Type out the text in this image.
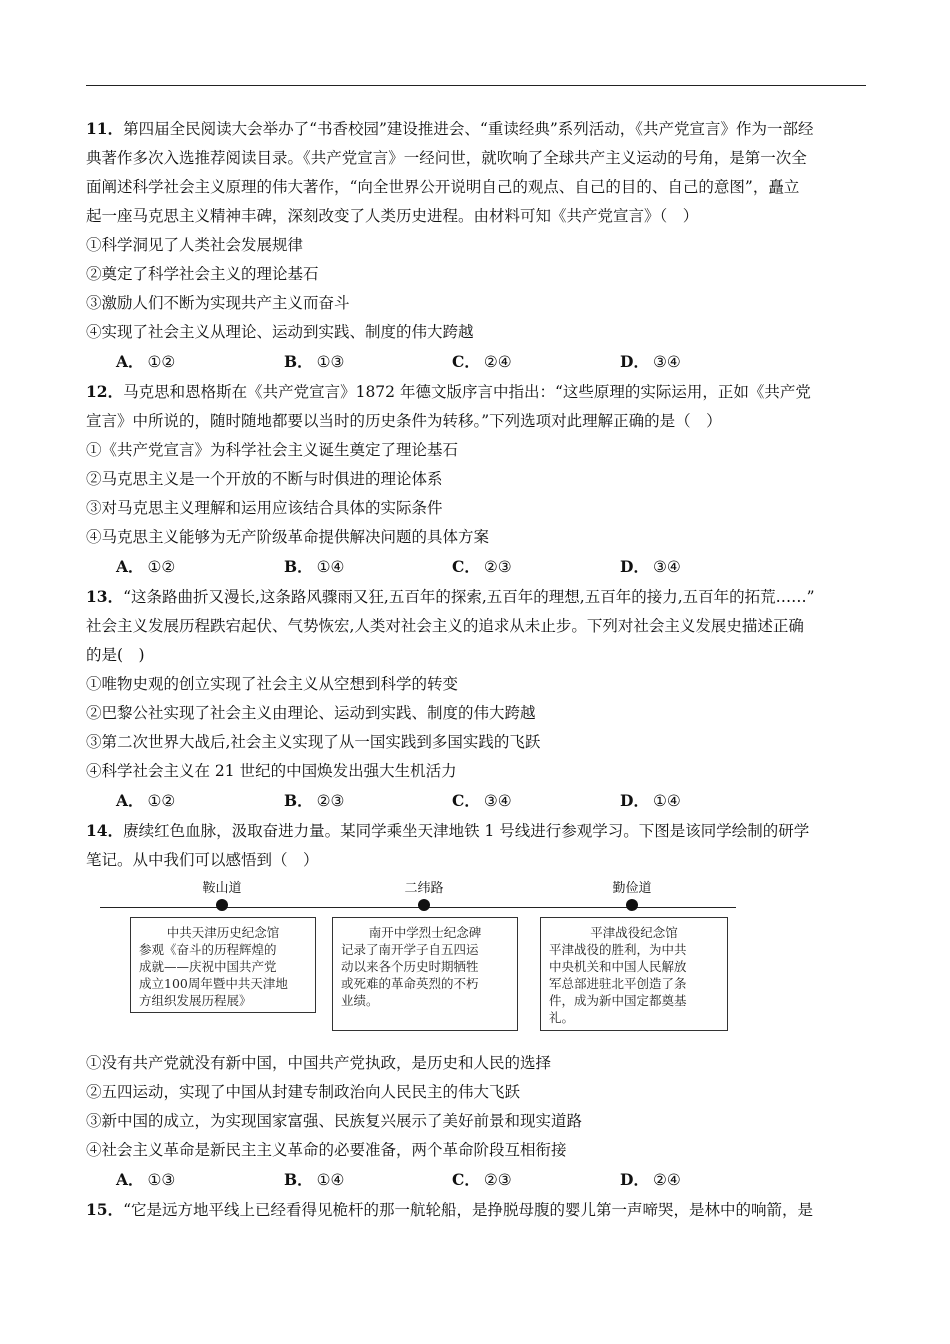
11．第四届全民阅读大会举办了“书香校园”建设推进会、“重读经典”系列活动，《共产党宣言》作为一部经
典著作多次入选推荐阅读目录。《共产党宣言》一经问世，就吹响了全球共产主义运动的号角，是第一次全
面阐述科学社会主义原理的伟大著作，“向全世界公开说明自己的观点、自己的目的、自己的意图”，矗立
起一座马克思主义精神丰碑，深刻改变了人类历史进程。由材料可知《共产党宣言》（　）
①科学洞见了人类社会发展规律
②奠定了科学社会主义的理论基石
③激励人们不断为实现共产主义而奋斗
④实现了社会主义从理论、运动到实践、制度的伟大跨越
A． ①②	B． ①③	C． ②④	D． ③④
12．马克思和恩格斯在《共产党宣言》1872 年德文版序言中指出：“这些原理的实际运用，正如《共产党
宣言》中所说的，随时随地都要以当时的历史条件为转移。”下列选项对此理解正确的是（　）
①《共产党宣言》为科学社会主义诞生奠定了理论基石
②马克思主义是一个开放的不断与时俱进的理论体系
③对马克思主义理解和运用应该结合具体的实际条件
④马克思主义能够为无产阶级革命提供解决问题的具体方案
A． ①②	B． ①④	C． ②③	D． ③④
13．“这条路曲折又漫长,这条路风骤雨又狂,五百年的探索,五百年的理想,五百年的接力,五百年的拓荒……”
社会主义发展历程跌宕起伏、气势恢宏,人类对社会主义的追求从未止步。下列对社会主义发展史描述正确
的是(　)
①唯物史观的创立实现了社会主义从空想到科学的转变
②巴黎公社实现了社会主义由理论、运动到实践、制度的伟大跨越
③第二次世界大战后,社会主义实现了从一国实践到多国实践的飞跃
④科学社会主义在 21 世纪的中国焕发出强大生机活力
A． ①②	B． ②③	C． ③④	D． ①④
14．赓续红色血脉，汲取奋进力量。某同学乘坐天津地铁 1 号线进行参观学习。下图是该同学绘制的研学
笔记。从中我们可以感悟到（　）
鞍山道	二纬路	勤俭道
中共天津历史纪念馆
参观《奋斗的历程辉煌的
成就——庆祝中国共产党
成立100周年暨中共天津地
方组织发展历程展》
南开中学烈士纪念碑
记录了南开学子自五四运
动以来各个历史时期牺牲
或死难的革命英烈的不朽
业绩。
平津战役纪念馆
平津战役的胜利，为中共
中央机关和中国人民解放
军总部进驻北平创造了条
件，成为新中国定都奠基
礼。
①没有共产党就没有新中国，中国共产党执政，是历史和人民的选择
②五四运动，实现了中国从封建专制政治向人民民主的伟大飞跃
③新中国的成立，为实现国家富强、民族复兴展示了美好前景和现实道路
④社会主义革命是新民主主义革命的必要准备，两个革命阶段互相衔接
A． ①③	B． ①④	C． ②③	D． ②④
15．“它是远方地平线上已经看得见桅杆的那一航轮船，是挣脱母腹的婴儿第一声啼哭，是林中的响箭，是
